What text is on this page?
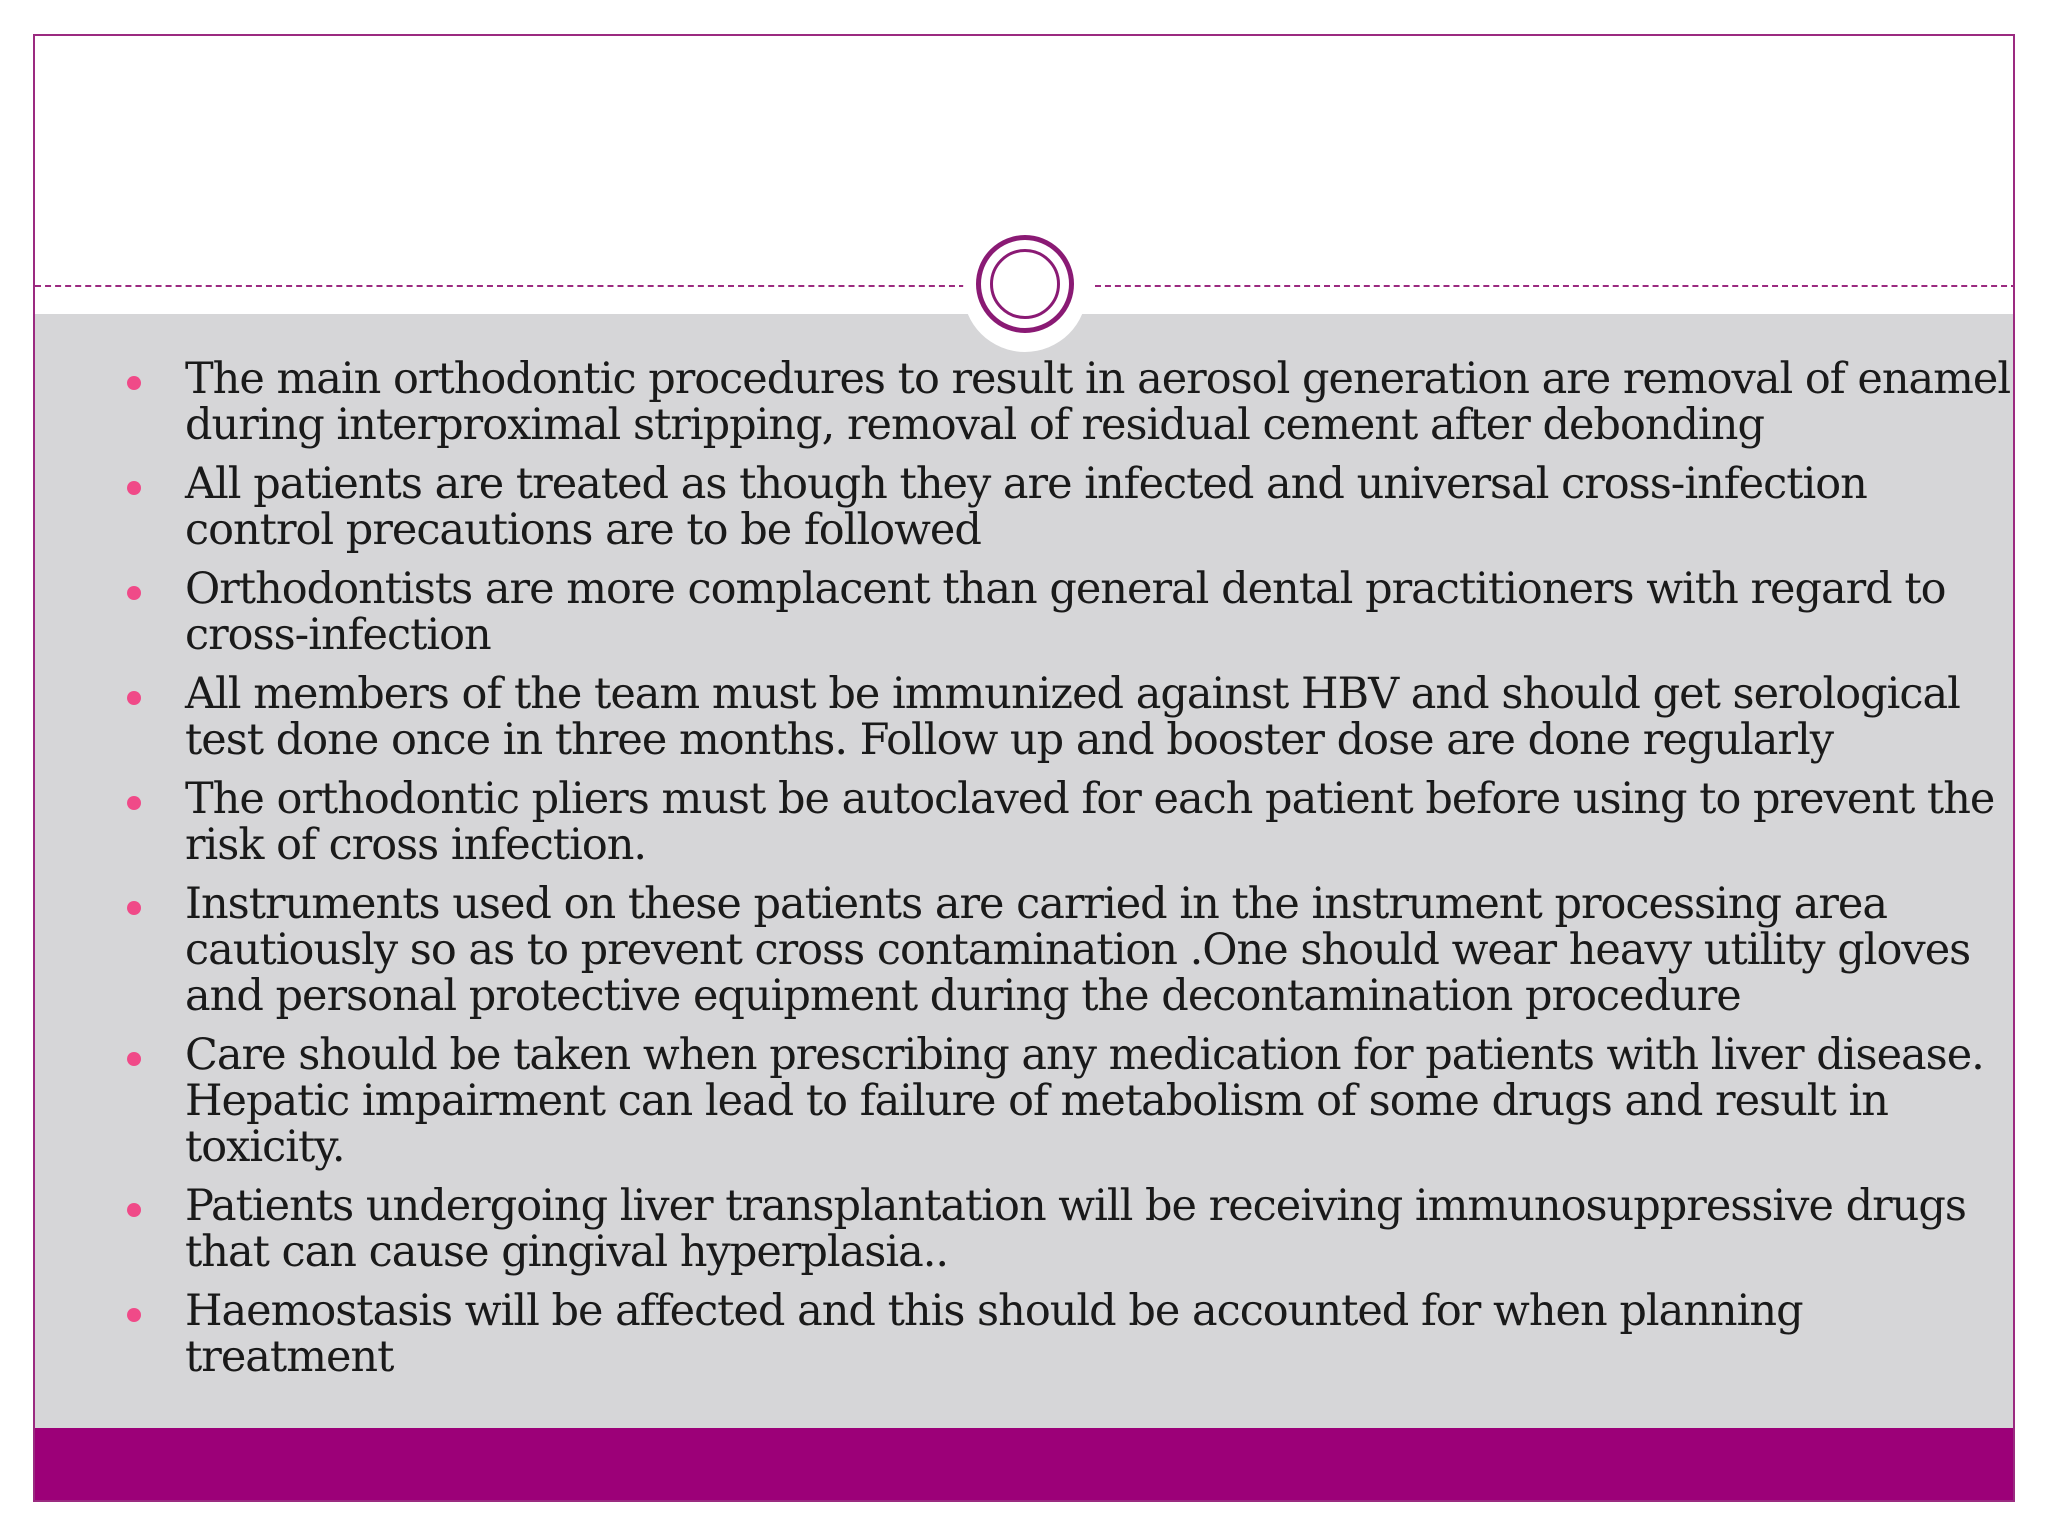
The main orthodontic procedures to result in aerosol generation are removal of enamel during interproximal stripping, removal of residual cement after debonding
All patients are treated as though they are infected and universal cross-infection control precautions are to be followed
Orthodontists are more complacent than general dental practitioners with regard to cross-infection
All members of the team must be immunized against HBV and should get serological test done once in three months. Follow up and booster dose are done regularly
The orthodontic pliers must be autoclaved for each patient before using to prevent the risk of cross infection.
Instruments used on these patients are carried in the instrument processing area cautiously so as to prevent cross contamination .One should wear heavy utility gloves and personal protective equipment during the decontamination procedure
Care should be taken when prescribing any medication for patients with liver disease. Hepatic impairment can lead to failure of metabolism of some drugs and result in toxicity.
Patients undergoing liver transplantation will be receiving immunosuppressive drugs that can cause gingival hyperplasia..
Haemostasis will be affected and this should be accounted for when planning treatment
